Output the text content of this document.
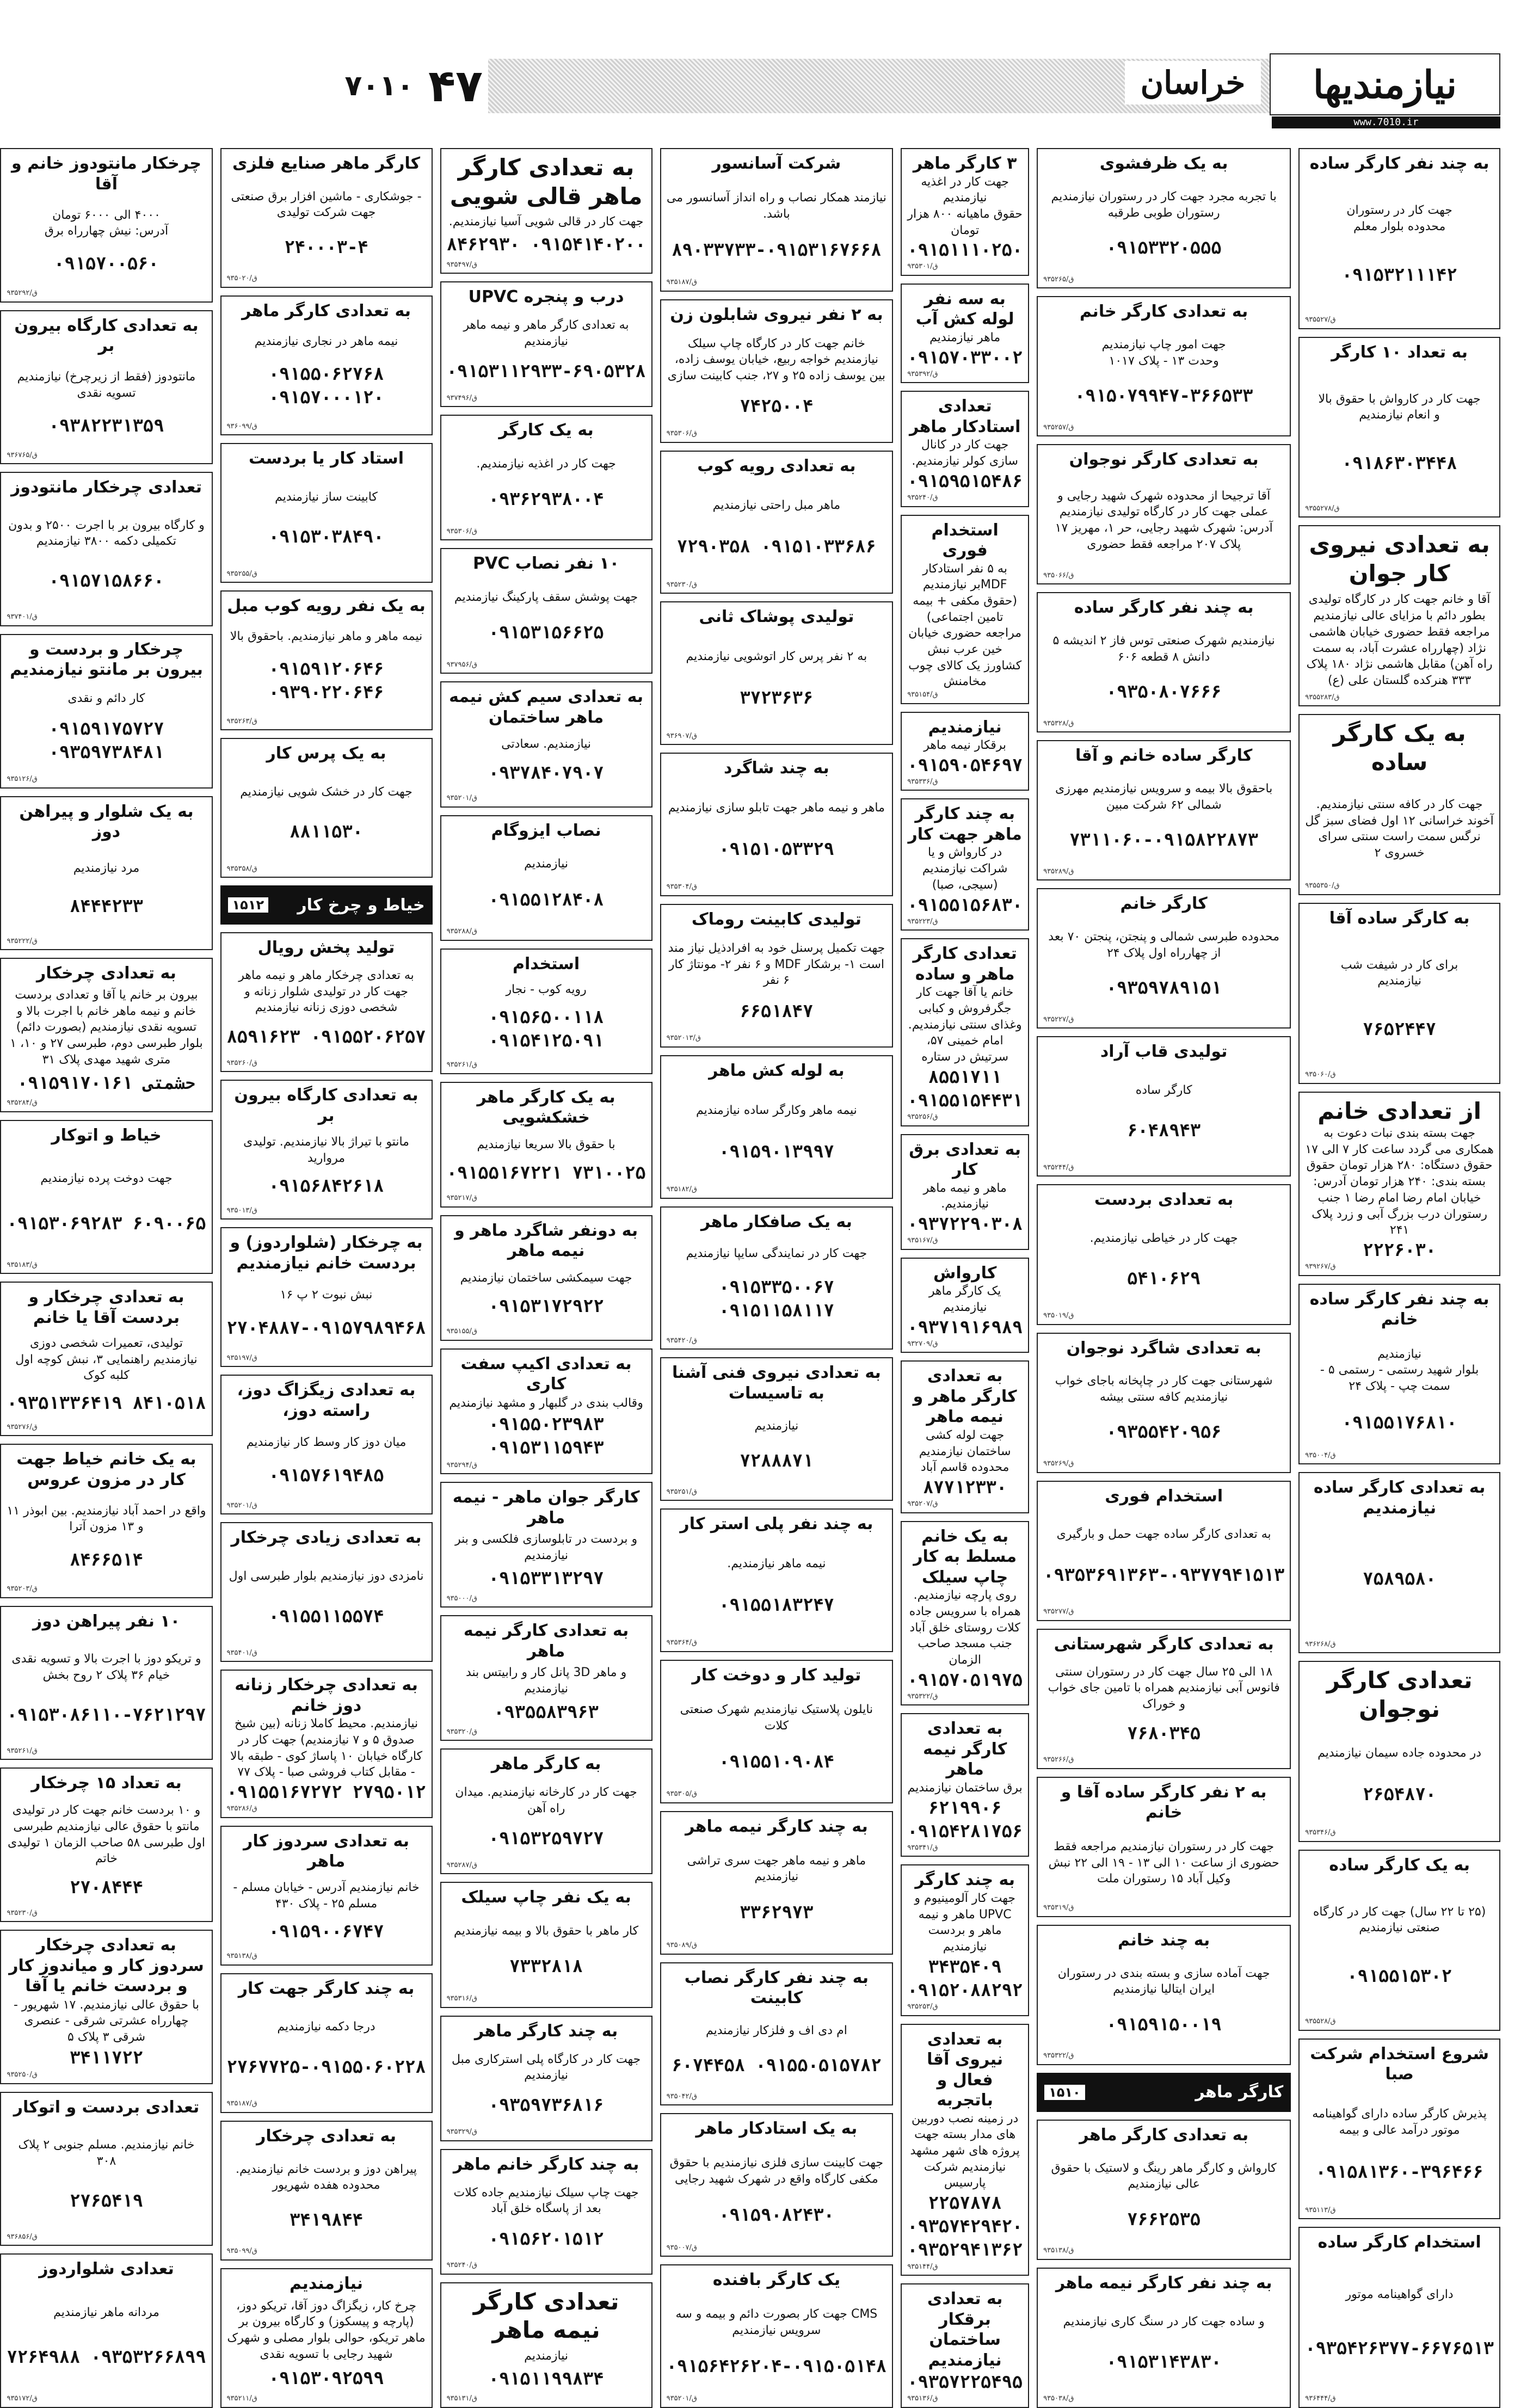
نیازمندیها
خراسان
www.7010.ir
۴۷
۷۰۱۰
به چند نفر کارگر ساده
جهت کار در رستوران
محدوده بلوار معلم
۰۹۱۵۳۲۱۱۱۴۲
ق/۹۳۵۵۲۷
به تعداد ۱۰ کارگر
جهت کار در کارواش با حقوق بالا
و انعام نیازمندیم
۰۹۱۸۶۳۰۳۴۴۸
ق/۹۳۵۵۲۷۸
به تعدادی نیروی کار جوان
آقا و خانم جهت کار در کارگاه تولیدی بطور دائم با مزایای عالی نیازمندیم مراجعه فقط حضوری خیابان هاشمی نژاد (چهارراه عشرت آباد، به سمت راه آهن) مقابل هاشمی نژاد ۱۸۰ پلاک ۳۳۳ هنرکده گلستان علی (ع)
ق/۹۳۵۵۲۸۳
به یک کارگر ساده
جهت کار در کافه سنتی نیازمندیم. آخوند خراسانی ۱۲ اول فضای سبز گل نرگس سمت راست سنتی سرای خسروی ۲
ق/۹۳۵۵۳۵۰
به کارگر ساده آقا
برای کار در شیفت شب
نیازمندیم
۷۶۵۲۴۴۷
ق/۹۳۵۰۶۰
از تعدادی خانم
جهت بسته بندی نبات دعوت به همکاری می گردد ساعت کار ۷ الی ۱۷ حقوق دستگاه: ۲۸۰ هزار تومان حقوق بسته بندی: ۲۴۰ هزار تومان آدرس: خیابان امام رضا امام رضا ۱ جنب رستوران درب بزرگ آبی و زرد پلاک ۲۴۱
۲۲۲۶۰۳۰
ق/۹۳۹۲۶۷
به چند نفر کارگر ساده خانم
نیازمندیم
بلوار شهید رستمی - رستمی ۵ - سمت چپ - پلاک ۲۴
۰۹۱۵۵۱۷۶۸۱۰
ق/۹۳۵۰۰۴
به تعدادی کارگر ساده نیازمندیم
۷۵۸۹۵۸۰
ق/۹۳۶۲۶۸
تعدادی کارگر نوجوان
در محدوده جاده سیمان نیازمندیم
۲۶۵۴۸۷۰
ق/۹۳۵۳۴۶
به یک کارگر ساده
(۲۵ تا ۲۲ سال) جهت کار در کارگاه صنعتی نیازمندیم
۰۹۱۵۵۱۵۳۰۲
ق/۹۳۵۵۲۸
شروع استخدام شرکت صبا
پذیرش کارگر ساده دارای گواهینامه موتور درآمد عالی و بیمه
۰۹۱۵۸۱۳۶۰-۳۹۶۴۶۶
ق/۹۳۵۱۱۳
استخدام کارگر ساده
دارای گواهینامه موتور
۰۹۳۵۴۲۶۳۷۷-۶۶۷۶۵۱۳
ق/۹۳۶۴۴۴
به یک ظرفشوی
با تجربه مجرد جهت کار در رستوران نیازمندیم
رستوران طوبی طرقبه
۰۹۱۵۳۳۲۰۵۵۵
ق/۹۳۵۲۶۵
به تعدادی کارگر خانم
جهت امور چاپ نیازمندیم
وحدت ۱۳ - پلاک ۱۰۱۷
۰۹۱۵۰۷۹۹۴۷-۳۶۶۵۳۳
ق/۹۳۵۲۵۷
به تعدادی کارگر نوجوان
آقا ترجیحا از محدوده شهرک شهید رجایی و عملی جهت کار در کارگاه تولیدی نیازمندیم آدرس: شهرک شهید رجایی، حر ۱، مهریز ۱۷ پلاک ۲۰۷ مراجعه فقط حضوری
ق/۹۳۵۰۶۶
به چند نفر کارگر ساده
نیازمندیم شهرک صنعتی توس فاز ۲ اندیشه ۵ دانش ۸ قطعه ۶۰۶
۰۹۳۵۰۸۰۷۶۶۶
ق/۹۳۵۳۲۸
کارگر ساده خانم و آقا
باحقوق بالا بیمه و سرویس نیازمندیم مهرزی شمالی ۶۲ شرکت مبین
۷۳۱۱۰۶۰-۰۹۱۵۸۲۲۸۷۳
ق/۹۳۵۲۸۹
کارگر خانم
محدوده طبرسی شمالی و پنجتن، پنجتن ۷۰ بعد از چهارراه اول پلاک ۲۴
۰۹۳۵۹۷۸۹۱۵۱
ق/۹۳۵۲۲۷
تولیدی قاب آراد
کارگر ساده
۶۰۴۸۹۴۳
ق/۹۳۵۲۴۴
به تعدادی بردست
جهت کار در خیاطی نیازمندیم.
۵۴۱۰۶۲۹
ق/۹۳۵۰۱۹
به تعدادی شاگرد نوجوان
شهرستانی جهت کار در چاپخانه باجای خواب نیازمندیم کافه سنتی بیشه
۰۹۳۵۵۴۲۰۹۵۶
ق/۹۳۵۲۶۹
استخدام فوری
به تعدادی کارگر ساده جهت حمل و بارگیری
۰۹۳۵۳۶۹۱۳۶۳-۰۹۳۷۷۹۴۱۵۱۳
ق/۹۳۵۲۷۷
به تعدادی کارگر شهرستانی
۱۸ الی ۲۵ سال جهت کار در رستوران سنتی فانوس آبی نیازمندیم همراه با تامین جای خواب و خوراک
۷۶۸۰۳۴۵
ق/۹۳۵۲۶۶
به ۲ نفر کارگر ساده آقا و خانم
جهت کار در رستوران نیازمندیم مراجعه فقط حضوری از ساعت ۱۰ الی ۱۳ - ۱۹ الی ۲۲ نبش وکیل آباد ۱۵ رستوران ملت
ق/۹۳۵۳۱۹
به چند خانم
جهت آماده سازی و بسته بندی در رستوران ایران ایتالیا نیازمندیم
۰۹۱۵۹۱۵۰۰۱۹
ق/۹۳۵۳۲۲
کارگر ماهر
۱۵۱۰
به تعدادی کارگر ماهر
کارواش و کارگر ماهر رینگ و لاستیک با حقوق عالی نیازمندیم
۷۶۶۲۵۳۵
ق/۹۳۵۱۳۸
به چند نفر کارگر نیمه ماهر
و ساده جهت کار در سنگ کاری نیازمندیم
۰۹۱۵۳۱۴۳۸۳۰
ق/۹۳۵۰۳۸
۳ کارگر ماهر
جهت کار در اغذیه نیازمندیم
حقوق ماهیانه ۸۰۰ هزار تومان
۰۹۱۵۱۱۱۰۲۵۰
ق/۹۳۵۳۰۱
به سه نفر لوله کش آب
ماهر نیازمندیم
۰۹۱۵۷۰۳۳۰۰۲
ق/۹۳۵۳۹۲
تعدادی استادکار ماهر
جهت کار در کانال سازی کولر نیازمندیم.
۰۹۱۵۹۵۱۵۴۸۶
ق/۹۳۵۲۴۰
استخدام فوری
به ۵ نفر استادکار MDFبر نیازمندیم (حقوق مکفی + بیمه تامین اجتماعی) مراجعه حضوری خیابان خین عرب نبش کشاورز یک کالای چوب مخامنش
ق/۹۳۵۱۵۴
نیازمندیم
برقکار نیمه ماهر
۰۹۱۵۹۰۵۴۶۹۷
ق/۹۳۵۳۳۶
به چند کارگر ماهر جهت کار
در کارواش و یا شراکت نیازمندیم (سیجی، صبا)
۰۹۱۵۵۱۵۶۸۳۰
ق/۹۳۵۲۲۳
تعدادی کارگر ماهر و ساده
خانم یا آقا جهت کار جگرفروش و کبابی وغذای سنتی نیازمندیم. امام خمینی ۵۷، سرتیش در ستاره
۸۵۵۱۷۱۱ ۰۹۱۵۵۱۵۴۴۳۱
ق/۹۳۵۲۵۶
به تعدادی برق کار
ماهر و نیمه ماهر نیازمندیم.
۰۹۳۷۲۲۹۰۳۰۸
ق/۹۳۵۱۶۷
کارواش
یک کارگر ماهر نیازمندیم
۰۹۳۷۱۹۱۶۹۸۹
ق/۹۳۲۷۰۹
به تعدادی کارگر ماهر و نیمه ماهر
جهت لوله کشی ساختمان نیازمندیم محدوده قاسم آباد
۸۷۷۱۲۳۳۰
ق/۹۳۵۲۰۷
به یک خانم مسلط به کار چاپ سیلک
روی پارچه نیازمندیم. همراه با سرویس جاده کلات روستای خلق آباد جنب مسجد صاحب الزمان
۰۹۱۵۷۰۵۱۹۷۵
ق/۹۳۵۳۲۲
به تعدادی کارگر نیمه ماهر
برق ساختمان نیازمندیم
۶۲۱۹۹۰۶ ۰۹۱۵۴۲۸۱۷۵۶
ق/۹۳۵۳۴۱
به چند کارگر
جهت کار آلومینیوم و UPVC ماهر و نیمه ماهر و بردست نیازمندیم
۳۴۳۵۴۰۹ ۰۹۱۵۲۰۸۸۲۹۲
ق/۹۳۵۲۵۳
به تعدادی نیروی آقا فعال و باتجربه
در زمینه نصب دوربین های مدار بسته جهت پروژه های شهر مشهد نیازمندیم شرکت پارسیس
۲۲۵۷۸۷۸ ۰۹۳۵۷۴۲۹۴۲۰ ۰۹۳۵۲۹۴۱۳۶۲
ق/۹۳۵۱۴۴
به تعدادی برقکار ساختمان نیازمندیم
۰۹۳۵۷۲۲۵۴۹۵
ق/۹۳۵۱۳۶
شرکت آسانسور
نیازمند همکار نصاب و راه انداز آسانسور می باشد.
۸۹۰۳۳۷۳۳-۰۹۱۵۳۱۶۷۶۶۸
ق/۹۳۵۱۸۷
به ۲ نفر نیروی شابلون زن
خانم جهت کار در کارگاه چاپ سیلک نیازمندیم خواجه ربیع، خیابان یوسف زاده، بین یوسف زاده ۲۵ و ۲۷، جنب کابینت سازی
۷۴۲۵۰۰۴
ق/۹۳۵۳۰۶
به تعدادی رویه کوب
ماهر مبل راحتی نیازمندیم
۷۲۹۰۳۵۸ ۰۹۱۵۱۰۳۳۶۸۶
ق/۹۳۵۲۳۰
تولیدی پوشاک ثانی
به ۲ نفر پرس کار اتوشویی نیازمندیم
۳۷۲۳۶۳۶
ق/۹۳۶۹۰۷
به چند شاگرد
ماهر و نیمه ماهر جهت تابلو سازی نیازمندیم
۰۹۱۵۱۰۵۳۳۲۹
ق/۹۳۵۳۰۴
تولیدی کابینت روماک
جهت تکمیل پرسنل خود به افرادذیل نیاز مند است ۱- برشکار MDF و ۶ نفر ۲- مونتاژ کار ۶ نفر
۶۶۵۱۸۴۷
ق/۹۳۵۲۰۱۳
به لوله کش ماهر
نیمه ماهر وکارگر ساده نیازمندیم
۰۹۱۵۹۰۱۳۹۹۷
ق/۹۳۵۱۸۲
به یک صافکار ماهر
جهت کار در نمایندگی سایپا نیازمندیم
۰۹۱۵۳۳۵۰۰۶۷ ۰۹۱۵۱۱۵۸۱۱۷
ق/۹۳۵۴۲۰
به تعدادی نیروی فنی آشنا به تاسیسات
نیازمندیم
۷۲۸۸۸۷۱
ق/۹۳۵۲۵۱
به چند نفر پلی استر کار
نیمه ماهر نیازمندیم.
۰۹۱۵۵۱۸۳۲۴۷
ق/۹۳۵۳۶۴
تولید کار و دوخت کار
نایلون پلاستیک نیازمندیم شهرک صنعتی کلات
۰۹۱۵۵۱۰۹۰۸۴
ق/۹۳۵۳۰۵
به چند کارگر نیمه ماهر
ماهر و نیمه ماهر جهت سری تراشی نیازمندیم
۳۳۶۲۹۷۳
ق/۹۳۵۰۸۹
به چند نفر کارگر نصاب کابینت
ام دی اف و فلزکار نیازمندیم
۶۰۷۴۴۵۸ ۰۹۱۵۵۰۵۱۵۷۸۲
ق/۹۳۵۰۴۲
به یک استادکار ماهر
جهت کابینت سازی فلزی نیازمندیم با حقوق مکفی کارگاه واقع در شهرک شهید رجایی
۰۹۱۵۹۰۸۲۴۳۰
ق/۹۳۵۰۰۷
یک کارگر بافنده
CMS جهت کار بصورت دائم و بیمه و سه سرویس نیازمندیم
۰۹۱۵۶۴۲۶۲۰۴-۰۹۱۵۰۵۱۴۸
ق/۹۳۵۲۰۱
به تعدادی کارگر ماهر قالی شویی
جهت کار در قالی شویی آسیا نیازمندیم.
۸۴۶۲۹۳۰ ۰۹۱۵۴۱۴۰۲۰۰
ق/۹۳۵۴۹۷
درب و پنجره UPVC
به تعدادی کارگر ماهر و نیمه ماهر نیازمندیم
۰۹۱۵۳۱۱۲۹۳۳-۶۹۰۵۳۲۸
ق/۹۳۷۴۹۶
به یک کارگر
جهت کار در اغذیه نیازمندیم.
۰۹۳۶۲۹۳۸۰۰۴
ق/۹۳۵۳۰۶
۱۰ نفر نصاب PVC
جهت پوشش سقف پارکینگ نیازمندیم
۰۹۱۵۳۱۵۶۶۲۵
ق/۹۳۷۹۵۶
به تعدادی سیم کش نیمه ماهر ساختمان
نیازمندیم. سعادتی
۰۹۳۷۸۴۰۷۹۰۷
ق/۹۳۵۲۰۱
نصاب ایزوگام
نیازمندیم
۰۹۱۵۵۱۲۸۴۰۸
ق/۹۳۵۲۸۸
استخدام
رویه کوب - نجار
۰۹۱۵۶۵۰۰۱۱۸ ۰۹۱۵۴۱۲۵۰۹۱
ق/۹۳۵۲۶۱
به یک کارگر ماهر خشکشویی
با حقوق بالا سریعا نیازمندیم
۰۹۱۵۵۱۶۷۲۲۱ ۷۳۱۰۰۲۵
ق/۹۳۵۲۱۷
به دونفر شاگرد ماهر و نیمه ماهر
جهت سیمکشی ساختمان نیازمندیم
۰۹۱۵۳۱۷۲۹۲۲
ق/۹۳۵۱۵۵
به تعدادی اکیپ سفت کاری
وقالب بندی در گلبهار و مشهد نیازمندیم
۰۹۱۵۵۰۲۳۹۸۳ ۰۹۱۵۳۱۱۵۹۴۳
ق/۹۳۵۲۹۴
کارگر جوان ماهر - نیمه ماهر
و بردست در تابلوسازی فلکسی و بنر نیازمندیم
۰۹۱۵۳۳۱۳۲۹۷
ق/۹۳۵۰۰۰
به تعدادی کارگر نیمه ماهر
و ماهر 3D پانل کار و رابیتس بند نیازمندیم
۰۹۳۵۵۸۳۹۶۳
ق/۹۳۵۳۲۰
به کارگر ماهر
جهت کار در کارخانه نیازمندیم. میدان راه آهن
۰۹۱۵۳۲۵۹۷۲۷
ق/۹۳۵۲۸۷
به یک نفر چاپ سیلک
کار ماهر با حقوق بالا و بیمه نیازمندیم
۷۳۳۲۸۱۸
ق/۹۳۵۳۱۶
به چند کارگر ماهر
جهت کار در کارگاه پلی استرکاری مبل نیازمندیم
۰۹۳۵۹۷۳۶۸۱۶
ق/۹۳۵۳۲۹
به چند کارگر خانم ماهر
جهت چاپ سیلک نیازمندیم جاده کلات بعد از پاسگاه خلق آباد
۰۹۱۵۶۲۰۱۵۱۲
ق/۹۳۵۲۴۰
تعدادی کارگر نیمه ماهر
نیازمندیم
۰۹۱۵۱۱۹۹۸۳۴
ق/۹۳۵۱۳۱
کارگر ماهر صنایع فلزی
- جوشکاری - ماشین افزار برق صنعتی جهت شرکت تولیدی
۲۴۰۰۰۳-۴
ق/۹۳۵۰۲۰
به تعدادی کارگر ماهر
نیمه ماهر در نجاری نیازمندیم
۰۹۱۵۵۰۶۲۷۶۸ ۰۹۱۵۷۰۰۰۱۲۰
ق/۹۳۶۰۹۹
استاد کار یا بردست
کابینت ساز نیازمندیم
۰۹۱۵۳۰۳۸۴۹۰
ق/۹۳۵۲۵۵
به یک نفر رویه کوب مبل
نیمه ماهر و ماهر نیازمندیم. باحقوق بالا
۰۹۱۵۹۱۲۰۶۴۶ ۰۹۳۹۰۲۲۰۶۴۶
ق/۹۳۵۲۶۳
به یک پرس کار
جهت کار در خشک شویی نیازمندیم
۸۸۱۱۵۳۰
ق/۹۳۵۳۵۸
خیاط و چرخ کار
۱۵۱۲
تولید پخش رویال
به تعدادی چرخکار ماهر و نیمه ماهر جهت کار در تولیدی شلوار زنانه و شخصی دوزی زنانه نیازمندیم
۸۵۹۱۶۲۳ ۰۹۱۵۵۲۰۶۲۵۷
ق/۹۳۵۲۶۰
به تعدادی کارگاه بیرون بر
مانتو با تیراژ بالا نیازمندیم. تولیدی مروارید
۰۹۱۵۶۸۴۲۶۱۸
ق/۹۳۵۰۱۳
به چرخکار (شلواردوز) و بردست خانم نیازمندیم
نبش نبوت ۲ پ ۱۶
۲۷۰۴۸۸۷-۰۹۱۵۷۹۸۹۴۶۸
ق/۹۳۵۱۹۷
به تعدادی زیگزاگ دوز، راسته دوز،
میان دوز کار وسط کار نیازمندیم
۰۹۱۵۷۶۱۹۴۸۵
ق/۹۳۵۲۰۱
به تعدادی زیادی چرخکار
نامزدی دوز نیازمندیم بلوار طبرسی اول
۰۹۱۵۵۱۱۵۵۷۴
ق/۹۳۵۴۰۱
به تعدادی چرخکار زنانه دوز خانم
نیازمندیم. محیط کاملا زنانه (بین شیخ صدوق ۵ و ۷ نیازمندیم) جهت کار در کارگاه خیابان ۱۰ پاساژ کوی - طبقه بالا - مقابل کتاب فروشی صبا - پلاک ۷۷
۰۹۱۵۵۱۶۷۲۷۲ ۲۷۹۵۰۱۲
ق/۹۳۵۲۸۶
به تعدادی سردوز کار ماهر
خانم نیازمندیم آدرس - خیابان مسلم - مسلم ۲۵ - پلاک ۴۳۰
۰۹۱۵۹۰۰۶۷۴۷
ق/۹۳۵۱۳۸
به چند کارگر جهت کار
درجا دکمه نیازمندیم
۲۷۶۷۷۲۵-۰۹۱۵۵۰۶۰۲۲۸
ق/۹۳۵۱۸۷
به تعدادی چرخکار
پیراهن دوز و بردست خانم نیازمندیم. محدوده هفده شهریور
۳۴۱۹۸۴۴
ق/۹۳۵۰۹۹
نیازمندیم
چرخ کار، زیگزاگ دوز آقا، تریکو دوز، (پارچه و پیسکوز) و کارگاه بیرون بر ماهر تریکو، حوالی بلوار مصلی و شهرک شهید رجایی با تسویه نقدی
۰۹۱۵۳۰۹۲۵۹۹
ق/۹۳۵۲۱۱
چرخکار مانتودوز خانم و آقا
۴۰۰۰ الی ۶۰۰۰ تومان
آدرس: نیش چهارراه برق
۰۹۱۵۷۰۰۵۶۰
ق/۹۳۵۲۹۲
به تعدادی کارگاه بیرون بر
مانتودوز (فقط از زیرچرخ) نیازمندیم تسویه نقدی
۰۹۳۸۲۲۳۱۳۵۹
ق/۹۳۶۷۶۵
تعدادی چرخکار مانتودوز
و کارگاه بیرون بر با اجرت ۲۵۰۰ و بدون تکمیلی دکمه ۳۸۰۰ نیازمندیم
۰۹۱۵۷۱۵۸۶۶۰
ق/۹۳۷۴۰۱
چرخکار و بردست و بیرون بر مانتو نیازمندیم
کار دائم و نقدی
۰۹۱۵۹۱۷۵۷۲۷ ۰۹۳۵۹۷۳۸۴۸۱
ق/۹۳۵۱۲۶
به یک شلوار و پیراهن دوز
مرد نیازمندیم
۸۴۴۴۲۳۳
ق/۹۳۵۲۲۲
به تعدادی چرخکار
بیرون بر خانم یا آقا و تعدادی بردست خانم و نیمه ماهر خانم با اجرت بالا و تسویه نقدی نیازمندیم (بصورت دائم) بلوار طبرسی دوم، طبرسی ۲۷ و ۱۰، ۱ متری شهید مهدی پلاک ۳۱
۰۹۱۵۹۱۷۰۱۶۱ حشمتی
ق/۹۳۵۲۸۴
خیاط و اتوکار
جهت دوخت پرده نیازمندیم
۰۹۱۵۳۰۶۹۲۸۳ ۶۰۹۰۰۶۵
ق/۹۳۵۱۸۳
به تعدادی چرخکار و بردست آقا یا خانم
تولیدی، تعمیرات شخصی دوزی نیازمندیم راهنمایی ۳، نبش کوچه اول کلبه کوک
۰۹۳۵۱۳۳۶۴۱۹ ۸۴۱۰۵۱۸
ق/۹۳۵۲۷۶
به یک خانم خیاط جهت کار در مزون عروس
واقع در احمد آباد نیازمندیم. بین ابوذر ۱۱ و ۱۳ مزون آترا
۸۴۶۶۵۱۴
ق/۹۳۵۲۰۳
۱۰ نفر پیراهن دوز
و تریکو دوز با اجرت بالا و تسویه نقدی خیام ۳۶ پلاک ۲ روح بخش
۰۹۱۵۳۰۸۶۱۱۰-۷۶۲۱۲۹۷
ق/۹۳۵۲۶۱
به تعداد ۱۵ چرخکار
و ۱۰ بردست خانم جهت کار در تولیدی مانتو با حقوق عالی نیازمندیم طبرسی اول طبرسی ۵۸ صاحب الزمان ۱ تولیدی خاتم
۲۷۰۸۴۴۴
ق/۹۳۵۲۳۰
به تعدادی چرخکار سردوز کار و میاندوز کار و بردست خانم یا آقا
با حقوق عالی نیازمندیم. ۱۷ شهریور - چهارراه عشرتی شرقی - عنصری شرقی ۳ پلاک ۵
۳۴۱۱۷۲۲
ق/۹۳۵۲۵۰
تعدادی بردست و اتوکار
خانم نیازمندیم. مسلم جنوبی ۲ پلاک ۳۰۸
۲۷۶۵۴۱۹
ق/۹۳۶۸۵۶
تعدادی شلواردوز
مردانه ماهر نیازمندیم
۷۲۶۴۹۸۸ ۰۹۳۵۳۲۶۶۸۹۹
ق/۹۳۵۱۷۲
